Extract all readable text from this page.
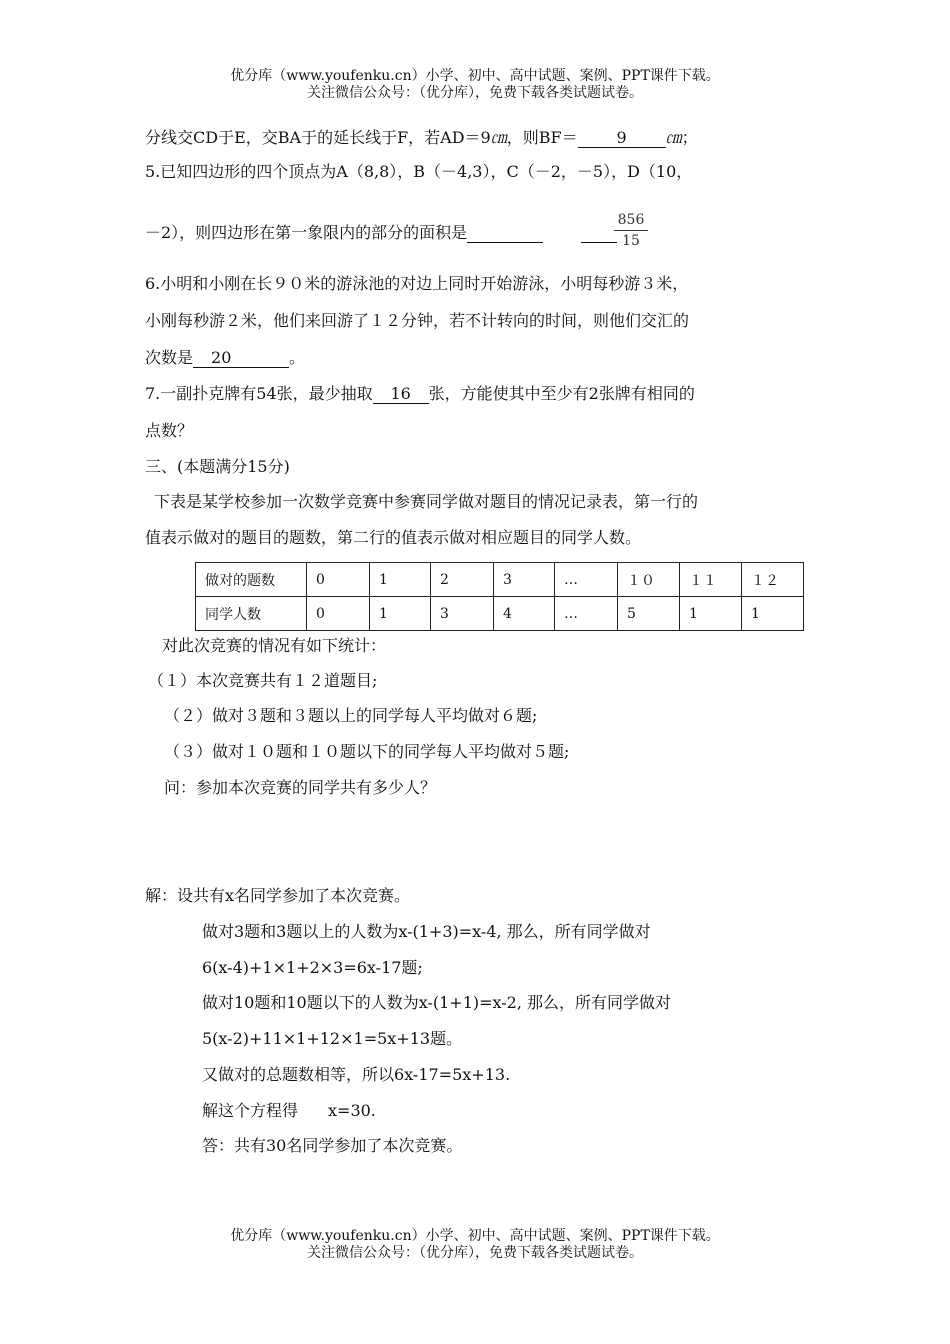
优分库（www.youfenku.cn）小学、初中、高中试题、案例、PPT课件下载。
关注微信公众号：（优分库），免费下载各类试题试卷。
分线交CD于E，交BA于的延长线于F，若AD＝9㎝，则BF＝ 9 ㎝；
5.已知四边形的四个顶点为A（8,8），B（－4,3），C（－2，－5），D（10，
－2），则四边形在第一象限内的部分的面积是
856
15
6.小明和小刚在长９０米的游泳池的对边上同时开始游泳，小明每秒游３米，
小刚每秒游２米，他们来回游了１２分钟，若不计转向的时间，则他们交汇的
次数是 20	。
7.一副扑克牌有54张，最少抽取 16 张，方能使其中至少有2张牌有相同的
点数？
三、(本题满分15分)
下表是某学校参加一次数学竞赛中参赛同学做对题目的情况记录表，第一行的
值表示做对的题目的题数，第二行的值表示做对相应题目的同学人数。
做对的题数	0	1	2	3	…	１０	１１	１２
同学人数	0	1	3	4	…	5	1	1
对此次竞赛的情况有如下统计：
（１）本次竞赛共有１２道题目;
（２）做对３题和３题以上的同学每人平均做对６题;
（３）做对１０题和１０题以下的同学每人平均做对５题;
问：参加本次竞赛的同学共有多少人？
解：设共有x名同学参加了本次竞赛。
做对3题和3题以上的人数为x-(1+3)=x-4, 那么，所有同学做对
6(x-4)+1×1+2×3=6x-17题;
做对10题和10题以下的人数为x-(1+1)=x-2, 那么，所有同学做对
5(x-2)+11×1+12×1=5x+13题。
又做对的总题数相等，所以6x-17=5x+13.
解这个方程得 x=30.
答：共有30名同学参加了本次竞赛。
优分库（www.youfenku.cn）小学、初中、高中试题、案例、PPT课件下载。
关注微信公众号：（优分库），免费下载各类试题试卷。
